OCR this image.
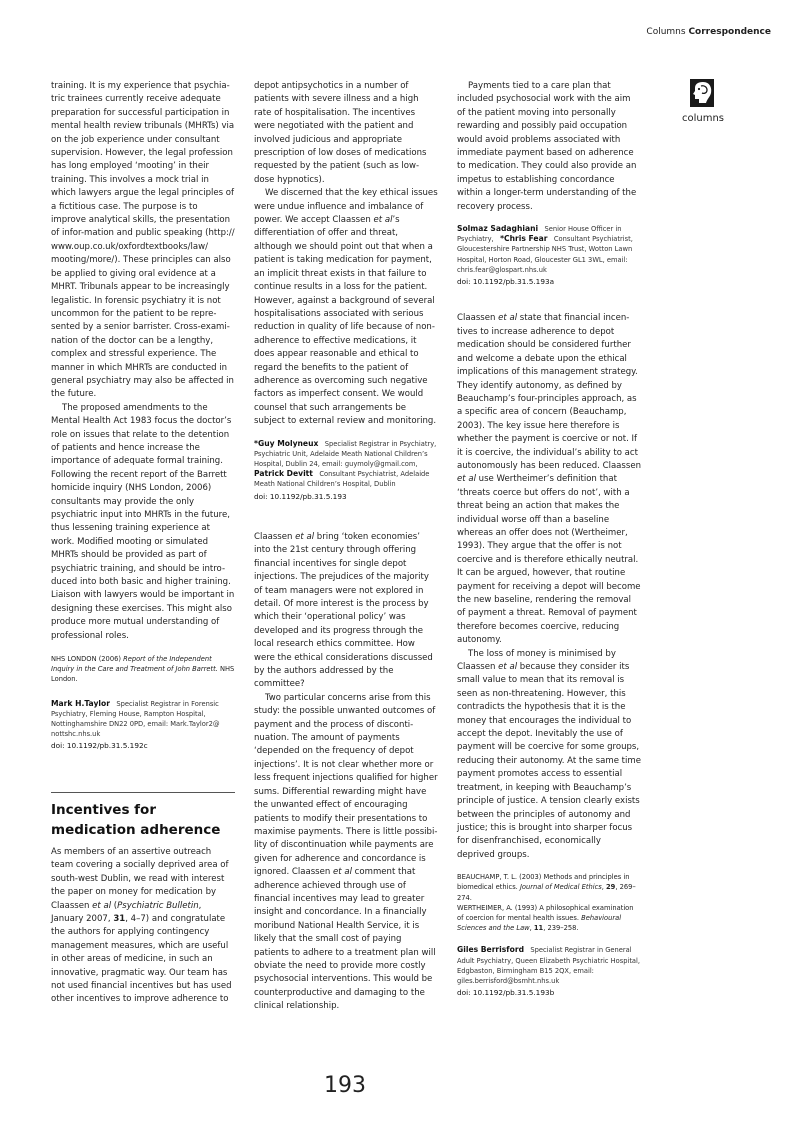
Columns Correspondence
columns

training. It is my experience that psychia-tric trainees currently receive adequate preparation for successful participation in mental health review tribunals (MHRTs) via on the job experience under consultant supervision. However, the legal profession has long employed ‘mooting’ in their training. This involves a mock trial in which lawyers argue the legal principles of a fictitious case. The purpose is to improve analytical skills, the presentation of infor-mation and public speaking (http:// www.oup.co.uk/oxfordtextbooks/law/ mooting/more/). These principles can also be applied to giving oral evidence at a MHRT. Tribunals appear to be increasingly legalistic. In forensic psychiatry it is not uncommon for the patient to be repre-sented by a senior barrister. Cross-exami-nation of the doctor can be a lengthy, complex and stressful experience. The manner in which MHRTs are conducted in general psychiatry may also be affected in the future.

The proposed amendments to the Mental Health Act 1983 focus the doctor’s role on issues that relate to the detention of patients and hence increase the importance of adequate formal training. Following the recent report of the Barrett homicide inquiry (NHS London, 2006) consultants may provide the only psychiatric input into MHRTs in the future, thus lessening training experience at work. Modified mooting or simulated MHRTs should be provided as part of psychiatric training, and should be intro-duced into both basic and higher training. Liaison with lawyers would be important in designing these exercises. This might also produce more mutual understanding of professional roles.

NHS LONDON (2006) Report of the Independent Inquiry in the Care and Treatment of John Barrett. NHS London.

Mark H.Taylor Specialist Registrar in Forensic Psychiatry, Fleming House, Rampton Hospital, Nottinghamshire DN22 0PD, email: Mark.Taylor2@ nottshc.nhs.uk

doi: 10.1192/pb.31.5.192c

Incentives for medication adherence

As members of an assertive outreach team covering a socially deprived area of south-west Dublin, we read with interest the paper on money for medication by Claassen et al (Psychiatric Bulletin, January 2007, 31, 4–7) and congratulate the authors for applying contingency management measures, which are useful in other areas of medicine, in such an innovative, pragmatic way. Our team has not used financial incentives but has used other incentives to improve adherence to

depot antipsychotics in a number of patients with severe illness and a high rate of hospitalisation. The incentives were negotiated with the patient and involved judicious and appropriate prescription of low doses of medications requested by the patient (such as low-dose hypnotics).

We discerned that the key ethical issues were undue influence and imbalance of power. We accept Claassen et al’s differentiation of offer and threat, although we should point out that when a patient is taking medication for payment, an implicit threat exists in that failure to continue results in a loss for the patient. However, against a background of several hospitalisations associated with serious reduction in quality of life because of non-adherence to effective medications, it does appear reasonable and ethical to regard the benefits to the patient of adherence as overcoming such negative factors as imperfect consent. We would counsel that such arrangements be subject to external review and monitoring.

*Guy Molyneux Specialist Registrar in Psychiatry, Psychiatric Unit, Adelaide Meath National Children’s Hospital, Dublin 24, email: guymoly@gmail.com, Patrick Devitt Consultant Psychiatrist, Adelaide Meath National Children’s Hospital, Dublin

doi: 10.1192/pb.31.5.193

Claassen et al bring ‘token economies’ into the 21st century through offering financial incentives for single depot injections. The prejudices of the majority of team managers were not explored in detail. Of more interest is the process by which their ‘operational policy’ was developed and its progress through the local research ethics committee. How were the ethical considerations discussed by the authors addressed by the committee?

Two particular concerns arise from this study: the possible unwanted outcomes of payment and the process of disconti-nuation. The amount of payments ‘depended on the frequency of depot injections’. It is not clear whether more or less frequent injections qualified for higher sums. Differential rewarding might have the unwanted effect of encouraging patients to modify their presentations to maximise payments. There is little possibi-lity of discontinuation while payments are given for adherence and concordance is ignored. Claassen et al comment that adherence achieved through use of financial incentives may lead to greater insight and concordance. In a financially moribund National Health Service, it is likely that the small cost of paying patients to adhere to a treatment plan will obviate the need to provide more costly psychosocial interventions. This would be counterproductive and damaging to the clinical relationship.

Payments tied to a care plan that included psychosocial work with the aim of the patient moving into personally rewarding and possibly paid occupation would avoid problems associated with immediate payment based on adherence to medication. They could also provide an impetus to establishing concordance within a longer-term understanding of the recovery process.

Solmaz Sadaghiani Senior House Officer in Psychiatry, *Chris Fear Consultant Psychiatrist, Gloucestershire Partnership NHS Trust, Wotton Lawn Hospital, Horton Road, Gloucester GL1 3WL, email: chris.fear@glospart.nhs.uk

doi: 10.1192/pb.31.5.193a

Claassen et al state that financial incen-tives to increase adherence to depot medication should be considered further and welcome a debate upon the ethical implications of this management strategy. They identify autonomy, as defined by Beauchamp’s four-principles approach, as a specific area of concern (Beauchamp, 2003). The key issue here therefore is whether the payment is coercive or not. If it is coercive, the individual’s ability to act autonomously has been reduced. Claassen et al use Wertheimer’s definition that ‘threats coerce but offers do not’, with a threat being an action that makes the individual worse off than a baseline whereas an offer does not (Wertheimer, 1993). They argue that the offer is not coercive and is therefore ethically neutral. It can be argued, however, that routine payment for receiving a depot will become the new baseline, rendering the removal of payment a threat. Removal of payment therefore becomes coercive, reducing autonomy.

The loss of money is minimised by Claassen et al because they consider its small value to mean that its removal is seen as non-threatening. However, this contradicts the hypothesis that it is the money that encourages the individual to accept the depot. Inevitably the use of payment will be coercive for some groups, reducing their autonomy. At the same time payment promotes access to essential treatment, in keeping with Beauchamp’s principle of justice. A tension clearly exists between the principles of autonomy and justice; this is brought into sharper focus for disenfranchised, economically deprived groups.

BEAUCHAMP, T. L. (2003) Methods and principles in biomedical ethics. Journal of Medical Ethics, 29, 269–274.

WERTHEIMER, A. (1993) A philosophical examination of coercion for mental health issues. Behavioural Sciences and the Law, 11, 239–258.

Giles Berrisford Specialist Registrar in General Adult Psychiatry, Queen Elizabeth Psychiatric Hospital, Edgbaston, Birmingham B15 2QX, email: giles.berrisford@bsmht.nhs.uk

doi: 10.1192/pb.31.5.193b

193
